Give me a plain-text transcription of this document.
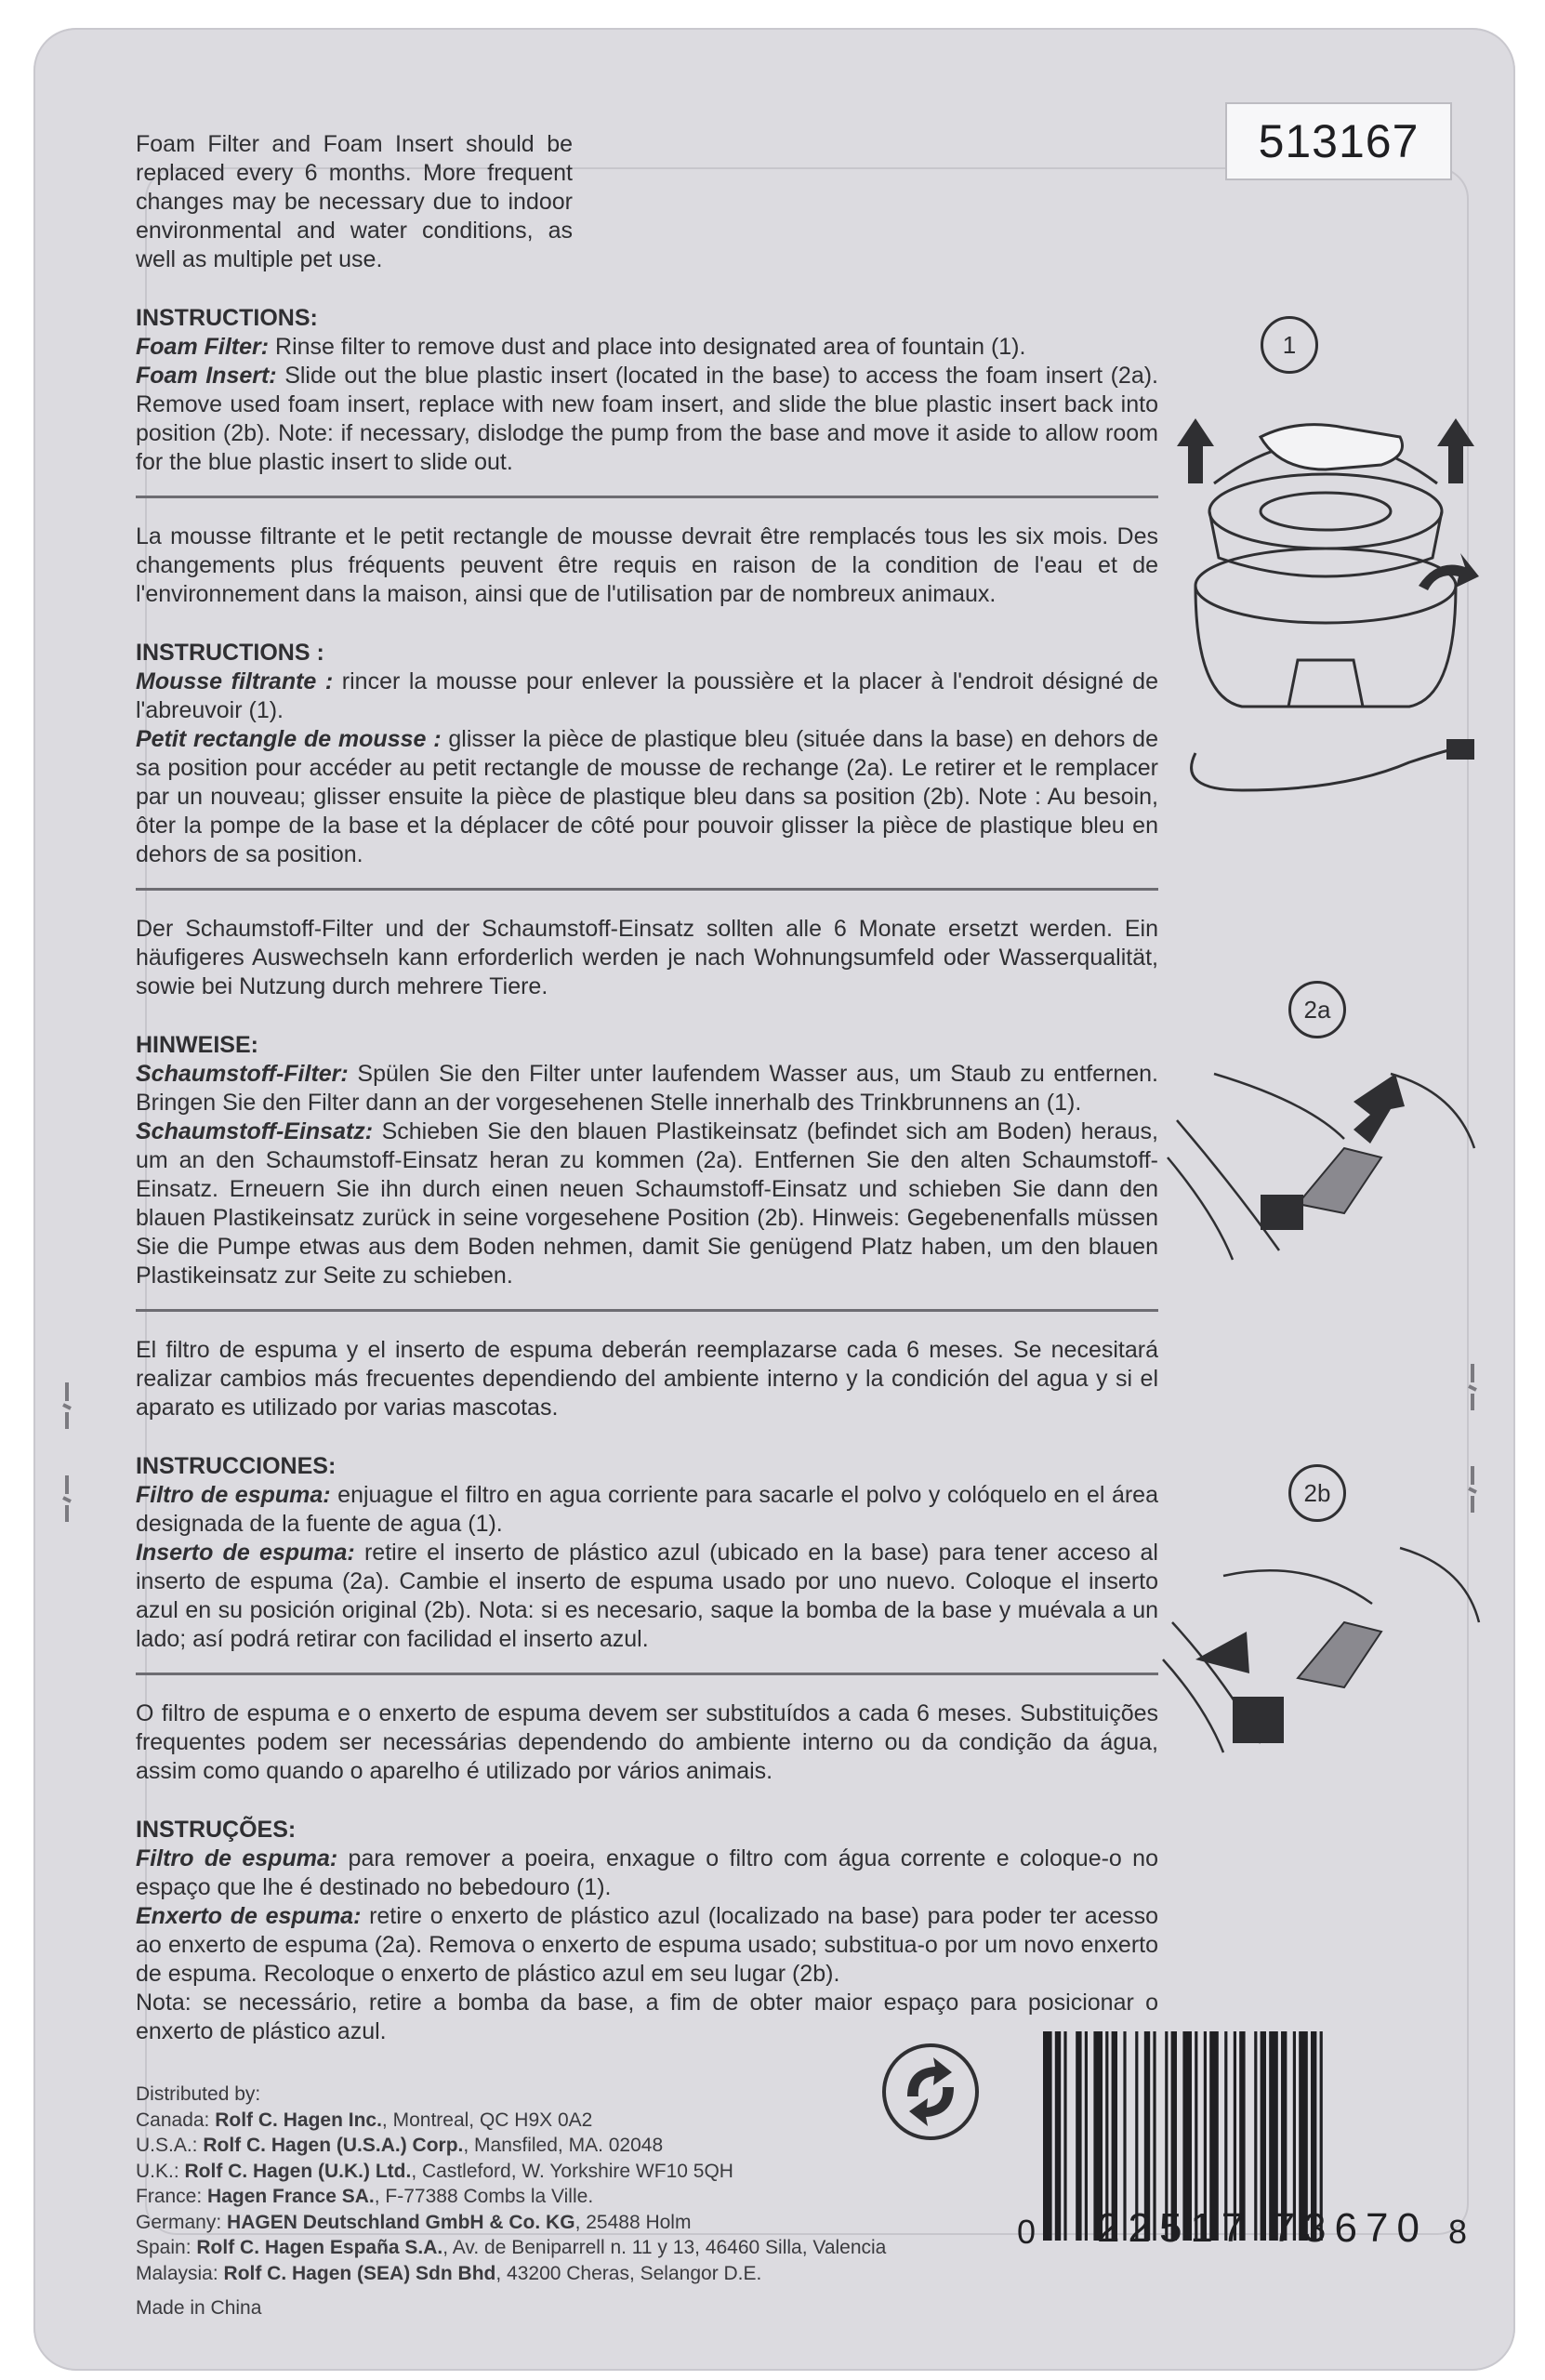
513167

Foam Filter and Foam Insert should be replaced every 6 months. More frequent changes may be necessary due to indoor environmental and water conditions, as well as multiple pet use.

INSTRUCTIONS:

Foam Filter: Rinse filter to remove dust and place into designated area of fountain (1).

Foam Insert: Slide out the blue plastic insert (located in the base) to access the foam insert (2a). Remove used foam insert, replace with new foam insert, and slide the blue plastic insert back into position (2b). Note: if necessary, dislodge the pump from the base and move it aside to allow room for the blue plastic insert to slide out.

La mousse filtrante et le petit rectangle de mousse devrait être remplacés tous les six mois. Des changements plus fréquents peuvent être requis en raison de la condition de l'eau et de l'environnement dans la maison, ainsi que de l'utilisation par de nombreux animaux.

INSTRUCTIONS :

Mousse filtrante : rincer la mousse pour enlever la poussière et la placer à l'endroit désigné de l'abreuvoir (1).

Petit rectangle de mousse : glisser la pièce de plastique bleu (située dans la base) en dehors de sa position pour accéder au petit rectangle de mousse de rechange (2a). Le retirer et le remplacer par un nouveau; glisser ensuite la pièce de plastique bleu dans sa position (2b). Note : Au besoin, ôter la pompe de la base et la déplacer de côté pour pouvoir glisser la pièce de plastique bleu en dehors de sa position.

Der Schaumstoff-Filter und der Schaumstoff-Einsatz sollten alle 6 Monate ersetzt werden. Ein häufigeres Auswechseln kann erforderlich werden je nach Wohnungsumfeld oder Wasserqualität, sowie bei Nutzung durch mehrere Tiere.

HINWEISE:

Schaumstoff-Filter: Spülen Sie den Filter unter laufendem Wasser aus, um Staub zu entfernen. Bringen Sie den Filter dann an der vorgesehenen Stelle innerhalb des Trinkbrunnens an (1).

Schaumstoff-Einsatz: Schieben Sie den blauen Plastikeinsatz (befindet sich am Boden) heraus, um an den Schaumstoff-Einsatz heran zu kommen (2a). Entfernen Sie den alten Schaumstoff-Einsatz. Erneuern Sie ihn durch einen neuen Schaumstoff-Einsatz und schieben Sie dann den blauen Plastikeinsatz zurück in seine vorgesehene Position (2b). Hinweis: Gegebenenfalls müssen Sie die Pumpe etwas aus dem Boden nehmen, damit Sie genügend Platz haben, um den blauen Plastikeinsatz zur Seite zu schieben.

El filtro de espuma y el inserto de espuma deberán reemplazarse cada 6 meses. Se necesitará realizar cambios más frecuentes dependiendo del ambiente interno y la condición del agua y si el aparato es utilizado por varias mascotas.

INSTRUCCIONES:

Filtro de espuma: enjuague el filtro en agua corriente para sacarle el polvo y colóquelo en el área designada de la fuente de agua (1).

Inserto de espuma: retire el inserto de plástico azul (ubicado en la base) para tener acceso al inserto de espuma (2a). Cambie el inserto de espuma usado por uno nuevo. Coloque el inserto azul en su posición original (2b). Nota: si es necesario, saque la bomba de la base y muévala a un lado; así podrá retirar con facilidad el inserto azul.

O filtro de espuma e o enxerto de espuma devem ser substituídos a cada 6 meses. Substituições frequentes podem ser necessárias dependendo do ambiente interno ou da condição da água, assim como quando o aparelho é utilizado por vários animais.

INSTRUÇÕES:

Filtro de espuma: para remover a poeira, enxague o filtro com água corrente e coloque-o no espaço que lhe é destinado no bebedouro (1).

Enxerto de espuma: retire o enxerto de plástico azul (localizado na base) para poder ter acesso ao enxerto de espuma (2a). Remova o enxerto de espuma usado; substitua-o por um novo enxerto de espuma. Recoloque o enxerto de plástico azul em seu lugar (2b).

Nota: se necessário, retire a bomba da base, a fim de obter maior espaço para posicionar o enxerto de plástico azul.

Distributed by:
Canada: Rolf C. Hagen Inc., Montreal, QC H9X 0A2
U.S.A.: Rolf C. Hagen (U.S.A.) Corp., Mansfiled, MA. 02048
U.K.: Rolf C. Hagen (U.K.) Ltd., Castleford, W. Yorkshire WF10 5QH
France: Hagen France SA., F-77388 Combs la Ville.
Germany: HAGEN Deutschland GmbH & Co. KG, 25488 Holm
Spain: Rolf C. Hagen España S.A., Av. de Beniparrell n. 11 y 13, 46460 Silla, Valencia
Malaysia: Rolf C. Hagen (SEA) Sdn Bhd, 43200 Cheras, Selangor D.E.
Made in China
1
2a
2b
0 22517 73670 8
